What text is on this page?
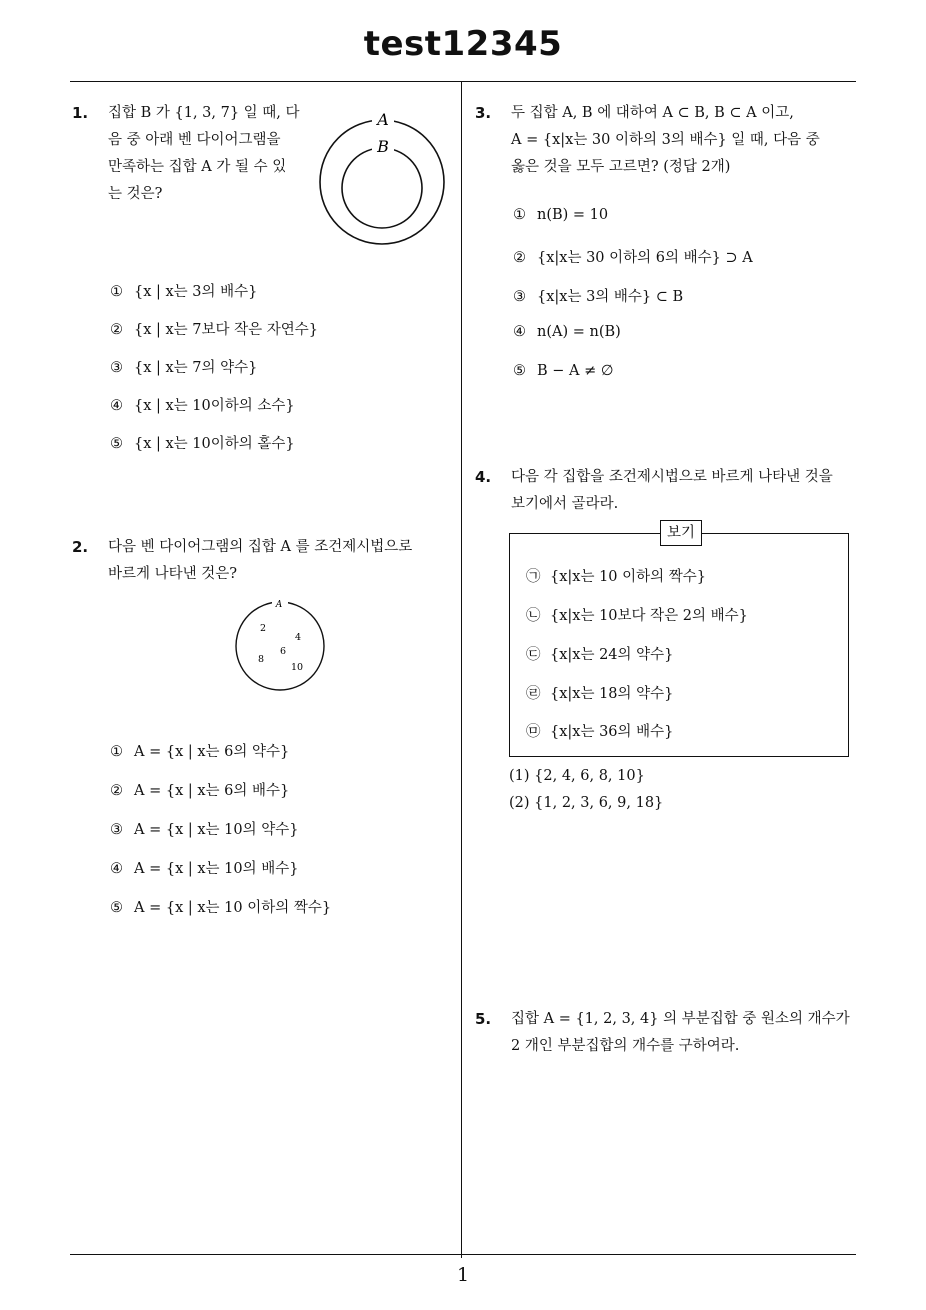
test12345
1
1. 집합 B 가 {1, 3, 7} 일 때, 다
음 중 아래 벤 다이어그램을
만족하는 집합 A 가 될 수 있
는 것은?
A
B
① {x | x는 3의 배수}
② {x | x는 7보다 작은 자연수}
③ {x | x는 7의 약수}
④ {x | x는 10이하의 소수}
⑤ {x | x는 10이하의 홀수}
2. 다음 벤 다이어그램의 집합 A 를 조건제시법으로
바르게 나타낸 것은?
A
2
4
6
8
10
① A = {x | x는 6의 약수}
② A = {x | x는 6의 배수}
③ A = {x | x는 10의 약수}
④ A = {x | x는 10의 배수}
⑤ A = {x | x는 10 이하의 짝수}
3. 두 집합 A, B 에 대하여 A ⊂ B, B ⊂ A 이고,
A = {x|x는 30 이하의 3의 배수} 일 때, 다음 중
옳은 것을 모두 고르면? (정답 2개)
① n(B) = 10
② {x|x는 30 이하의 6의 배수} ⊃ A
③ {x|x는 3의 배수} ⊂ B
④ n(A) = n(B)
⑤ B − A ≠ ∅
4. 다음 각 집합을 조건제시법으로 바르게 나타낸 것을
보기에서 골라라.
보기
㉠ {x|x는 10 이하의 짝수}
㉡ {x|x는 10보다 작은 2의 배수}
㉢ {x|x는 24의 약수}
㉣ {x|x는 18의 약수}
㉤ {x|x는 36의 배수}
(1) {2, 4, 6, 8, 10}
(2) {1, 2, 3, 6, 9, 18}
5. 집합 A = {1, 2, 3, 4} 의 부분집합 중 원소의 개수가
2 개인 부분집합의 개수를 구하여라.
